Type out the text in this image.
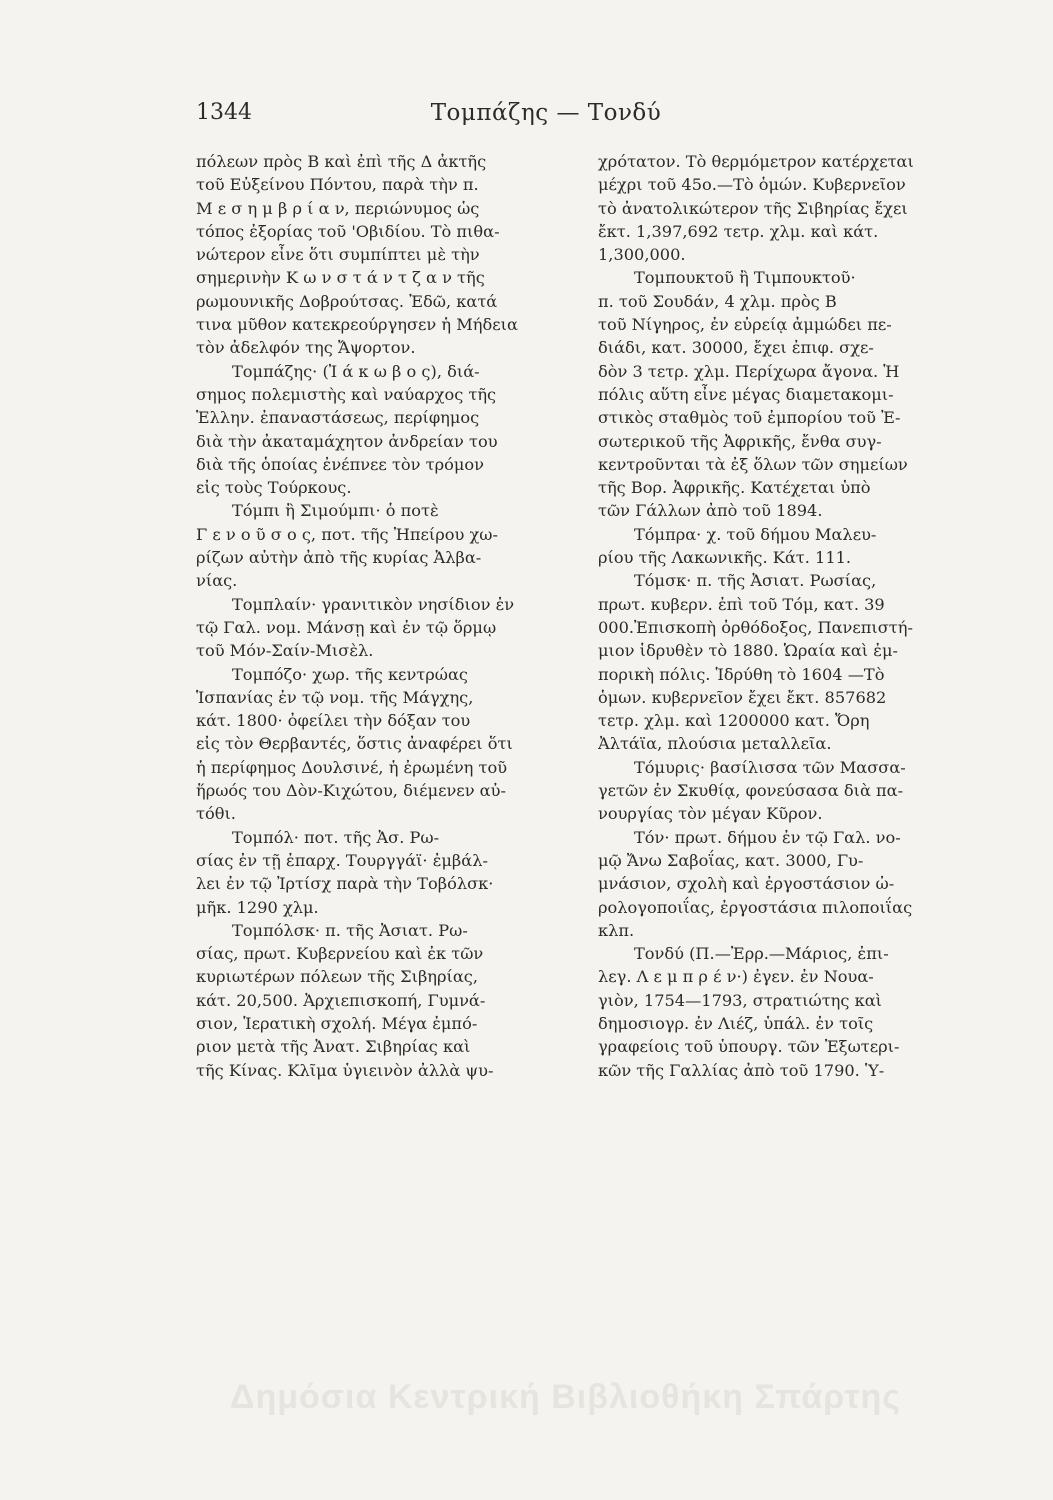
1344	Τομπάζης — Τονδύ
πόλεων πρὸς Β καὶ ἐπὶ τῆς Δ ἀκτῆς
τοῦ Εὐξείνου Πόντου, παρὰ τὴν π.
Μ ε σ η μ β ρ ί α ν, περιώνυμος ὡς
τόπος ἐξορίας τοῦ 'Οβιδίου. Τὸ πιθα-
νώτερον εἶνε ὅτι συμπίπτει μὲ τὴν
σημερινὴν Κ ω ν σ τ ά ν τ ζ α ν τῆς
ρωμουνικῆς Δοβρούτσας. Ἐδῶ, κατά
τινα μῦθον κατεκρεούργησεν ἡ Μήδεια
τὸν ἀδελφόν της Ἄψορτον.
Τομπάζης· (Ἰ ά κ ω β ο ς), διά-
σημος πολεμιστὴς καὶ ναύαρχος τῆς
Ἑλλην. ἐπαναστάσεως, περίφημος
διὰ τὴν ἀκαταμάχητον ἀνδρείαν του
διὰ τῆς ὁποίας ἐνέπνεε τὸν τρόμον
εἰς τοὺς Τούρκους.
Τόμπι ἢ Σιμούμπι· ὁ ποτὲ
Γ ε ν ο ῦ σ ο ς, ποτ. τῆς Ἠπείρου χω-
ρίζων αὐτὴν ἀπὸ τῆς κυρίας Ἀλβα-
νίας.
Τομπλαίν· γρανιτικὸν νησίδιον ἐν
τῷ Γαλ. νομ. Μάνσῃ καὶ ἐν τῷ ὅρμῳ
τοῦ Μόν-Σαίν-Μισὲλ.
Τομπόζο· χωρ. τῆς κεντρώας
Ἱσπανίας ἐν τῷ νομ. τῆς Μάγχης,
κάτ. 1800· ὀφείλει τὴν δόξαν του
εἰς τὸν Θερβαντές, ὅστις ἀναφέρει ὅτι
ἡ περίφημος Δουλσινέ, ἡ ἐρωμένη τοῦ
ἥρωός του Δὸν-Κιχώτου, διέμενεν αὐ-
τόθι.
Τομπόλ· ποτ. τῆς Ἀσ. Ρω-
σίας ἐν τῇ ἐπαρχ. Τουργγάϊ· ἐμβάλ-
λει ἐν τῷ Ἰρτίσχ παρὰ τὴν Τοβόλσκ·
μῆκ. 1290 χλμ.
Τομπόλσκ· π. τῆς Ἀσιατ. Ρω-
σίας, πρωτ. Κυβερνείου καὶ ἐκ τῶν
κυριωτέρων πόλεων τῆς Σιβηρίας,
κάτ. 20,500. Ἀρχιεπισκοπή, Γυμνά-
σιον, Ἱερατικὴ σχολή. Μέγα ἐμπό-
ριον μετὰ τῆς Ἀνατ. Σιβηρίας καὶ
τῆς Κίνας. Κλῖμα ὑγιεινὸν ἀλλὰ ψυ-
χρότατον. Τὸ θερμόμετρον κατέρχεται
μέχρι τοῦ 45ο.—Τὸ ὁμών. Κυβερνεῖον
τὸ ἀνατολικώτερον τῆς Σιβηρίας ἔχει
ἔκτ. 1,397,692 τετρ. χλμ. καὶ κάτ.
1,300,000.
Τομπουκτοῦ ἢ Τιμπουκτοῦ·
π. τοῦ Σουδάν, 4 χλμ. πρὸς Β
τοῦ Νίγηρος, ἐν εὐρείᾳ ἀμμώδει πε-
διάδι, κατ. 30000, ἔχει ἐπιφ. σχε-
δὸν 3 τετρ. χλμ. Περίχωρα ἄγονα. Ἡ
πόλις αὕτη εἶνε μέγας διαμετακομι-
στικὸς σταθμὸς τοῦ ἐμπορίου τοῦ Ἐ-
σωτερικοῦ τῆς Ἀφρικῆς, ἔνθα συγ-
κεντροῦνται τὰ ἐξ ὅλων τῶν σημείων
τῆς Βορ. Ἀφρικῆς. Κατέχεται ὑπὸ
τῶν Γάλλων ἀπὸ τοῦ 1894.
Τόμπρα· χ. τοῦ δήμου Μαλευ-
ρίου τῆς Λακωνικῆς. Κάτ. 111.
Τόμσκ· π. τῆς Ἀσιατ. Ρωσίας,
πρωτ. κυβερν. ἐπὶ τοῦ Τόμ, κατ. 39
000.Ἐπισκοπὴ ὀρθόδοξος, Πανεπιστή-
μιον ἱδρυθὲν τὸ 1880. Ὡραία καὶ ἐμ-
πορικὴ πόλις. Ἱδρύθη τὸ 1604 —Τὸ
ὁμων. κυβερνεῖον ἔχει ἔκτ. 857682
τετρ. χλμ. καὶ 1200000 κατ. Ὄρη
Ἀλτάϊα, πλούσια μεταλλεῖα.
Τόμυρις· βασίλισσα τῶν Μασσα-
γετῶν ἐν Σκυθίᾳ, φονεύσασα διὰ πα-
νουργίας τὸν μέγαν Κῦρον.
Τόν· πρωτ. δήμου ἐν τῷ Γαλ. νο-
μῷ Ἄνω Σαβοΐας, κατ. 3000, Γυ-
μνάσιον, σχολὴ καὶ ἐργοστάσιον ὠ-
ρολογοποιΐας, ἐργοστάσια πιλοποιΐας
κλπ.
Τονδύ (Π.—Ἐρρ.—Μάριος, ἐπι-
λεγ. Λ ε μ π ρ έ ν·) ἐγεν. ἐν Νουα-
γιὸν, 1754—1793, στρατιώτης καὶ
δημοσιογρ. ἐν Λιέζ, ὑπάλ. ἐν τοῖς
γραφείοις τοῦ ὑπουργ. τῶν Ἐξωτερι-
κῶν τῆς Γαλλίας ἀπὸ τοῦ 1790. Ὑ-
Δημόσια Κεντρική Βιβλιοθήκη Σπάρτης
